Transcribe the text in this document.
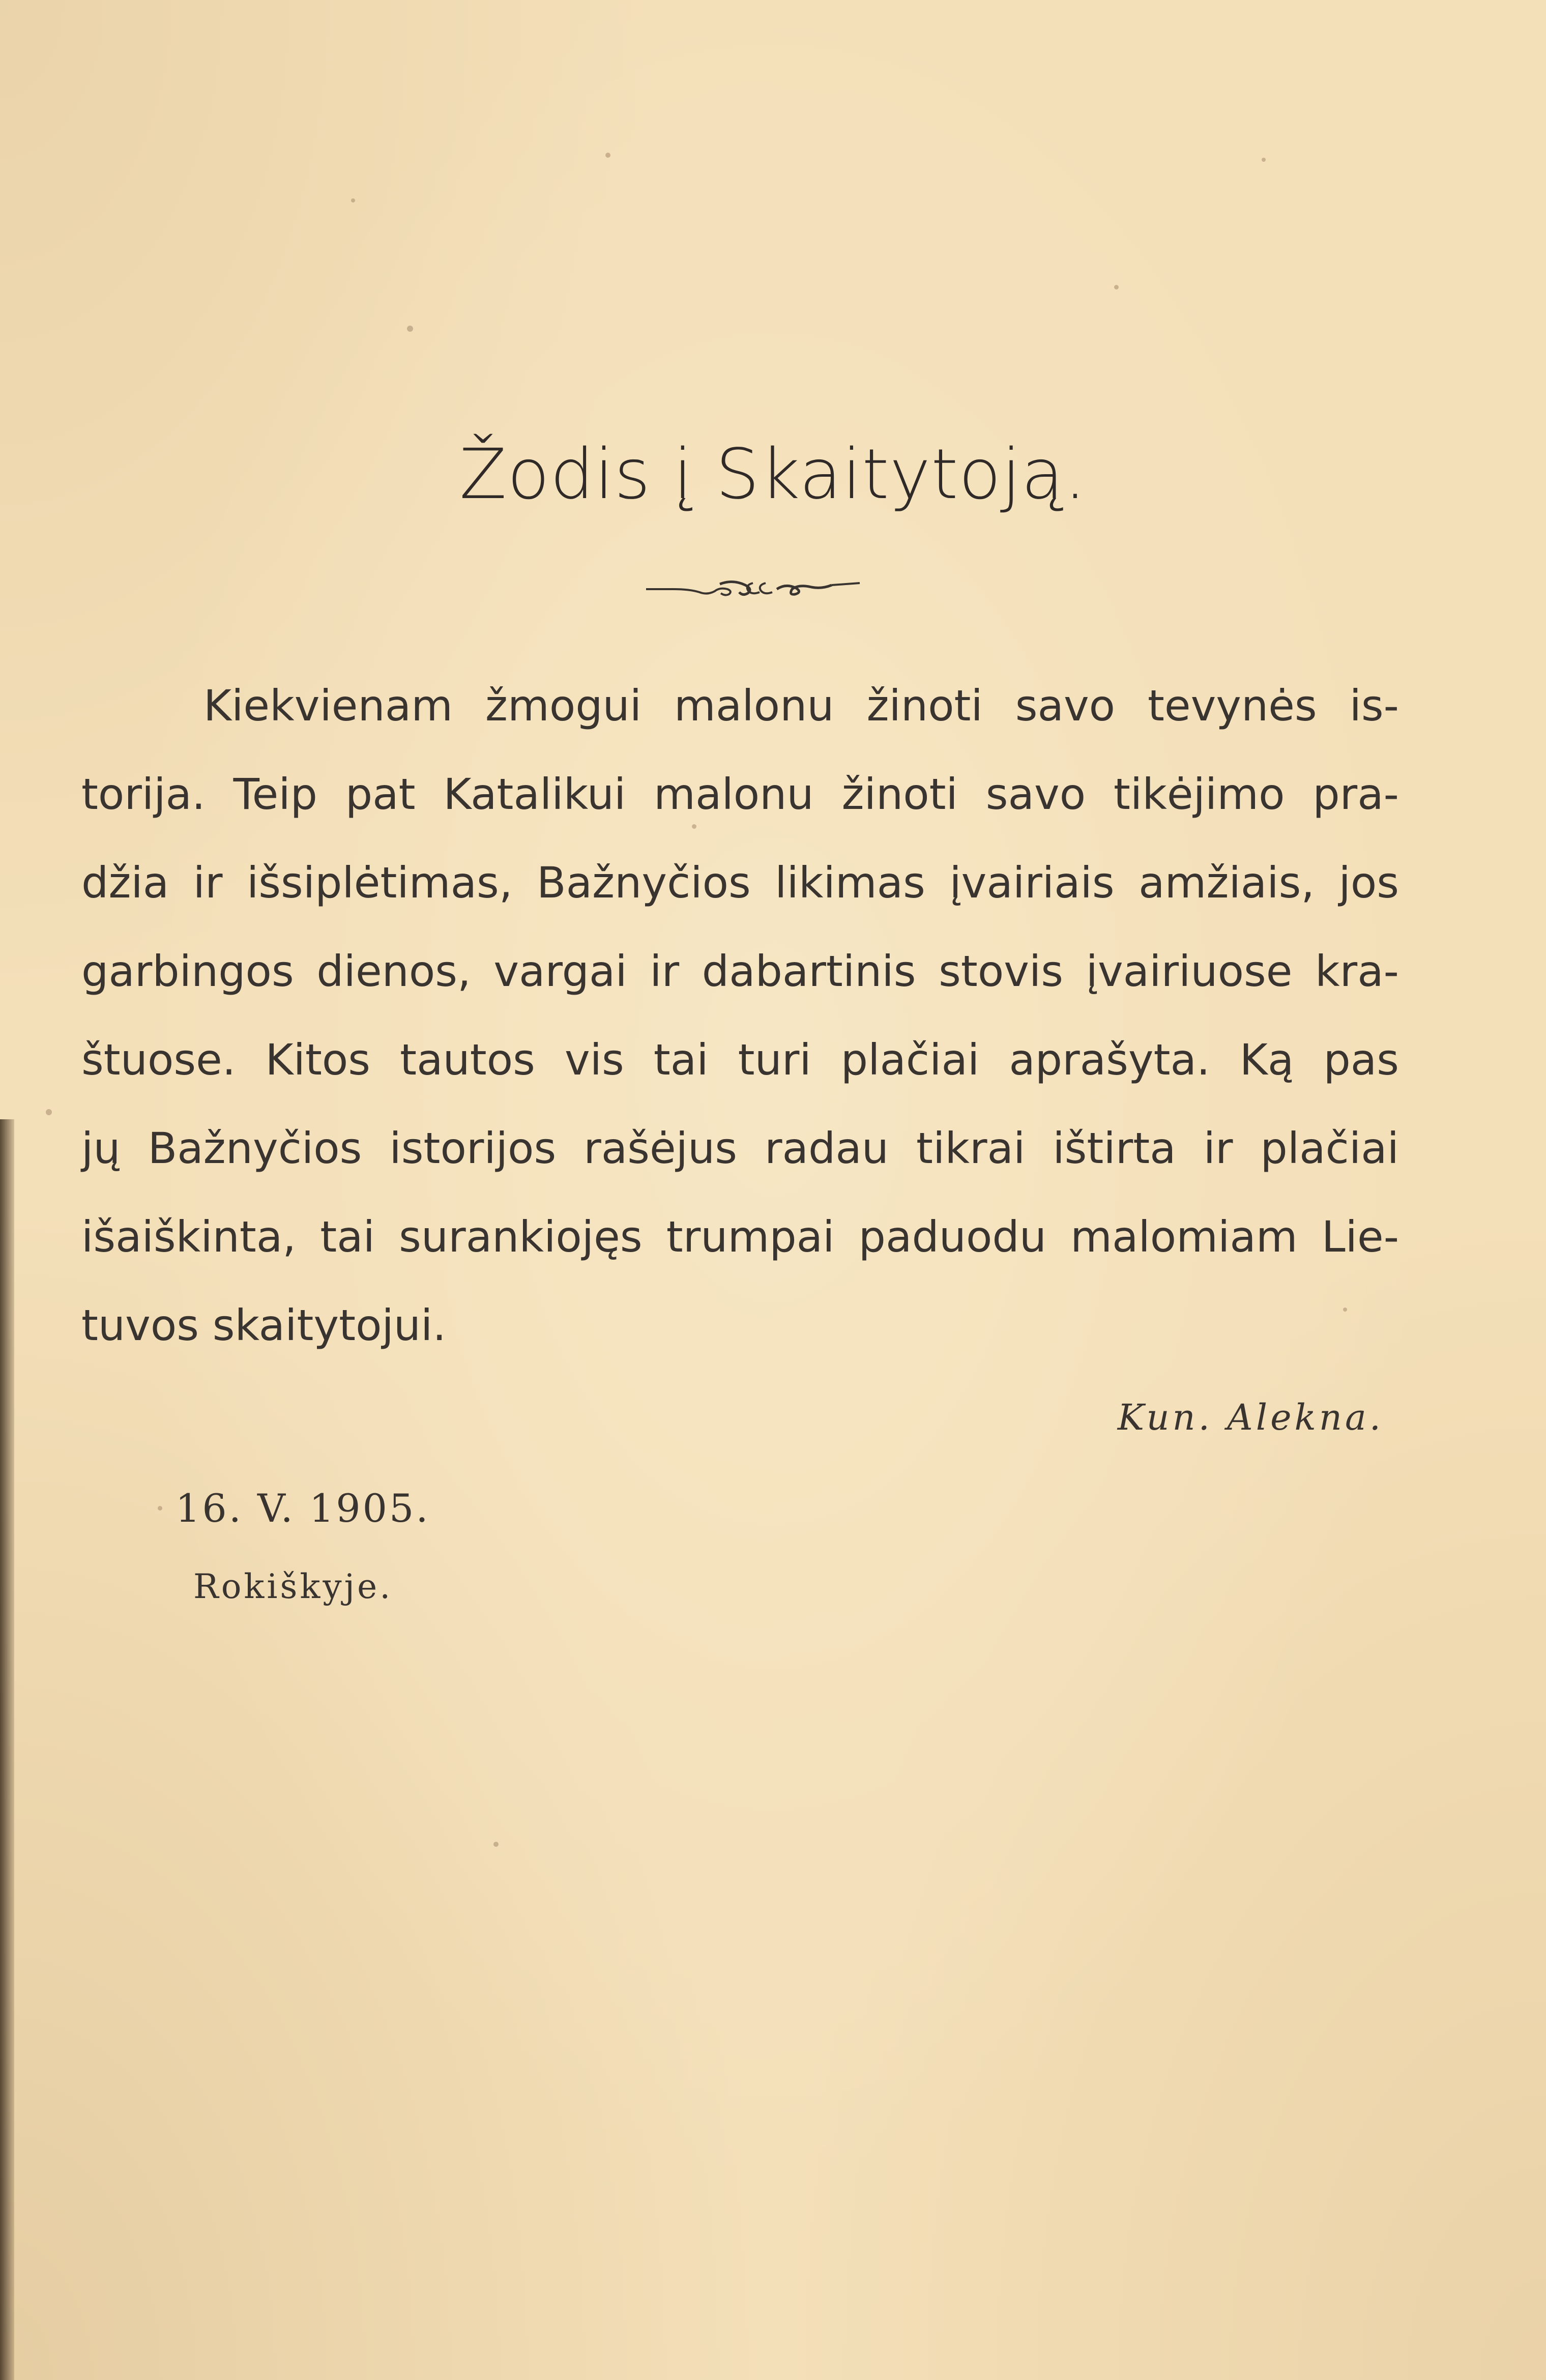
Žodis į Skaitytoją.
Kiekvienam žmogui malonu žinoti savo tevynės is-
torija. Teip pat Katalikui malonu žinoti savo tikėjimo pra-
džia ir išsiplėtimas, Bažnyčios likimas įvairiais amžiais, jos
garbingos dienos, vargai ir dabartinis stovis įvairiuose kra-
štuose. Kitos tautos vis tai turi plačiai aprašyta. Ką pas
jų Bažnyčios istorijos rašėjus radau tikrai ištirta ir plačiai
išaiškinta, tai surankiojęs trumpai paduodu malomiam Lie-
tuvos skaitytojui.
Kun. Alekna.
16. V. 1905.
Rokiškyje.
